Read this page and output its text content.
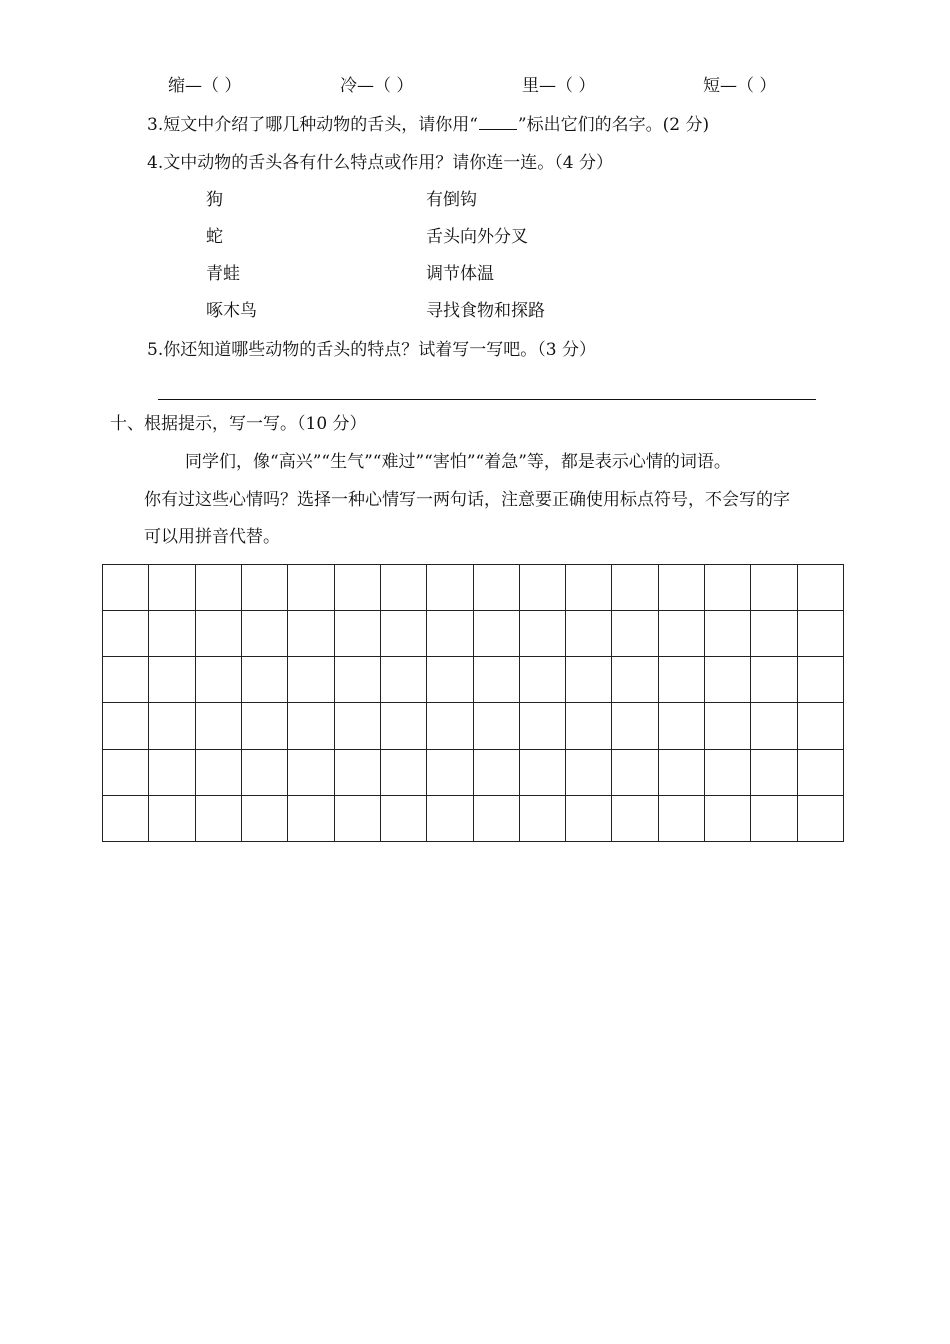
缩—（ ）	冷—（ ）	里—（ ）	短—（ ）
3.短文中介绍了哪几种动物的舌头，请你用“ ”标出它们的名字。(2 分)
4.文中动物的舌头各有什么特点或作用？请你连一连。（4 分）
狗
蛇
青蛙
啄木鸟
有倒钩
舌头向外分叉
调节体温
寻找食物和探路
5.你还知道哪些动物的舌头的特点？试着写一写吧。（3 分）
十、根据提示，写一写。（10 分）
同学们，像“高兴”“生气”“难过”“害怕”“着急”等，都是表示心情的词语。
你有过这些心情吗？选择一种心情写一两句话，注意要正确使用标点符号，不会写的字
可以用拼音代替。
